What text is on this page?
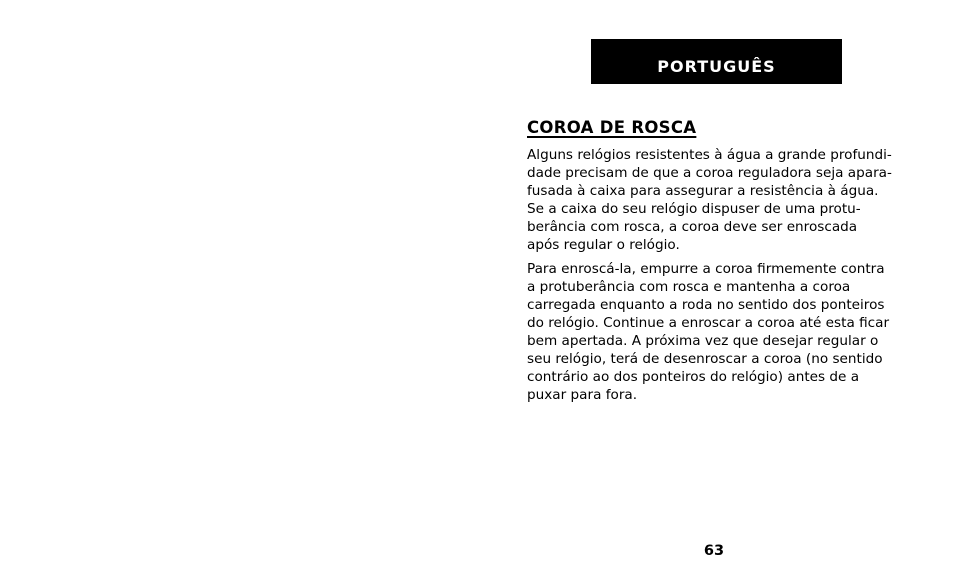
PORTUGUÊS
COROA DE ROSCA

Alguns relógios resistentes à água a grande profundi-
dade precisam de que a coroa reguladora seja apara-
fusada à caixa para assegurar a resistência à água.
Se a caixa do seu relógio dispuser de uma protu-
berância com rosca, a coroa deve ser enroscada
após regular o relógio.

Para enroscá-la, empurre a coroa firmemente contra
a protuberância com rosca e mantenha a coroa
carregada enquanto a roda no sentido dos ponteiros
do relógio. Continue a enroscar a coroa até esta ficar
bem apertada. A próxima vez que desejar regular o
seu relógio, terá de desenroscar a coroa (no sentido
contrário ao dos ponteiros do relógio) antes de a
puxar para fora.

63
